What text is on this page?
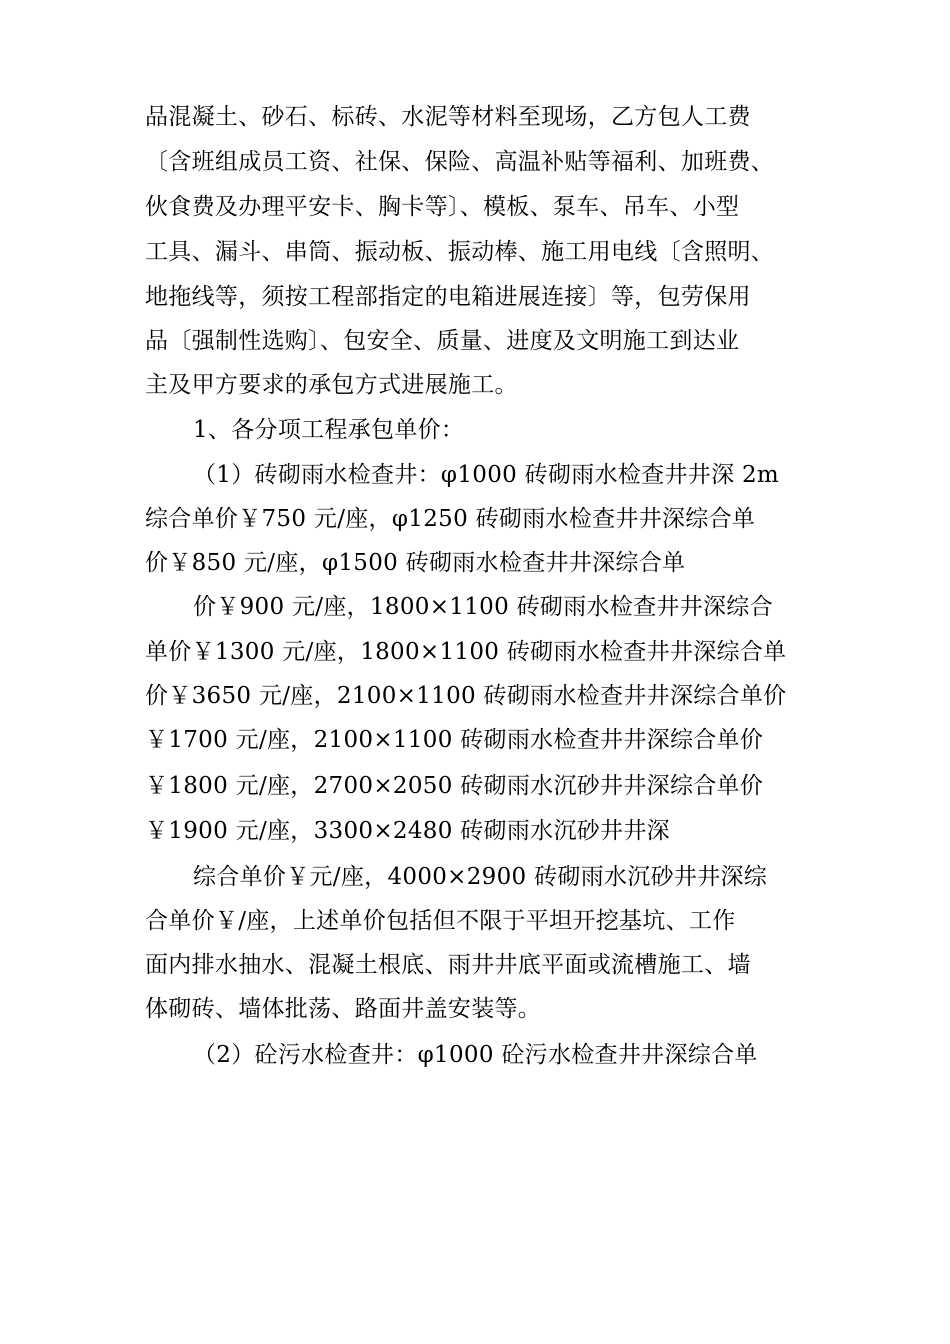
品混凝土、砂石、标砖、水泥等材料至现场，乙方包人工费
〔含班组成员工资、社保、保险、高温补贴等福利、加班费、
伙食费及办理平安卡、胸卡等〕、模板、泵车、吊车、小型
工具、漏斗、串筒、振动板、振动棒、施工用电线〔含照明、
地拖线等，须按工程部指定的电箱进展连接〕等，包劳保用
品〔强制性选购〕、包安全、质量、进度及文明施工到达业
主及甲方要求的承包方式进展施工。
1、各分项工程承包单价：
（1）砖砌雨水检查井：φ1000 砖砌雨水检查井井深 2m
综合单价￥750 元/座，φ1250 砖砌雨水检查井井深综合单
价￥850 元/座，φ1500 砖砌雨水检查井井深综合单
价￥900 元/座，1800×1100 砖砌雨水检查井井深综合
单价￥1300 元/座，1800×1100 砖砌雨水检查井井深综合单
价￥3650 元/座，2100×1100 砖砌雨水检查井井深综合单价
￥1700 元/座，2100×1100 砖砌雨水检查井井深综合单价
￥1800 元/座，2700×2050 砖砌雨水沉砂井井深综合单价
￥1900 元/座，3300×2480 砖砌雨水沉砂井井深
综合单价￥元/座，4000×2900 砖砌雨水沉砂井井深综
合单价￥/座，上述单价包括但不限于平坦开挖基坑、工作
面内排水抽水、混凝土根底、雨井井底平面或流槽施工、墙
体砌砖、墙体批荡、路面井盖安装等。
（2）砼污水检查井：φ1000 砼污水检查井井深综合单
